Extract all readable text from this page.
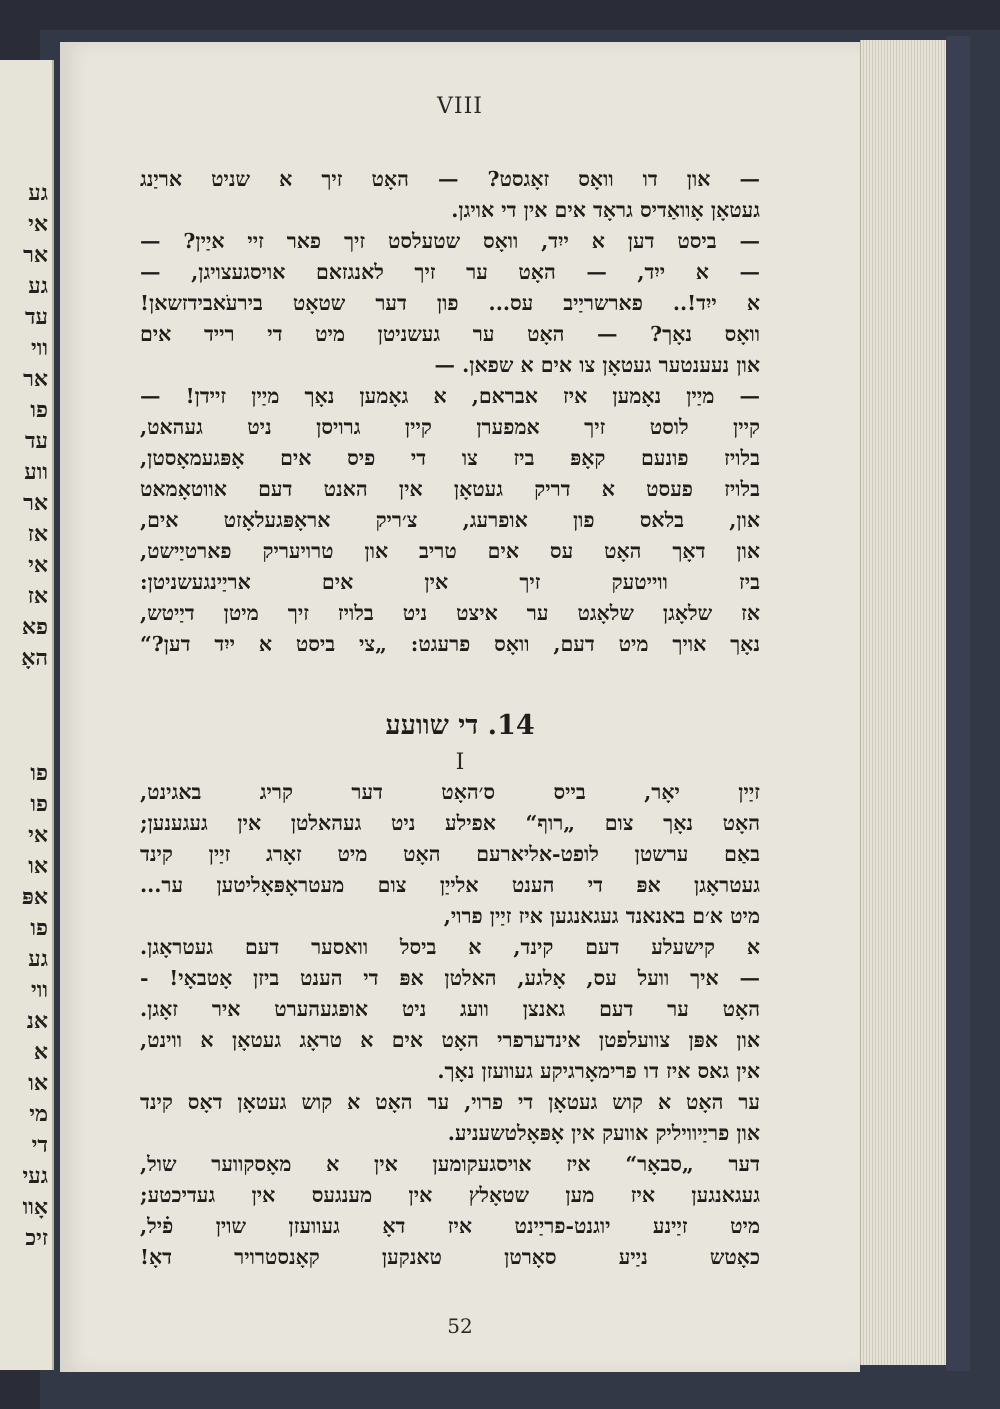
גע
אי
אר
גע
עד
ווי
אר
פו
עד
ווע
אר
אז
אי
אז
פא
האָ
פו
פו
אי
או
אפּ
פו
גע
ווי
אנ
א
או
מי
די
געי
אָוו
זיכ
VIII
— און דו וואָס זאָגסט? — האָט זיך א שניט אריַנג
געטאָן אָוואַדיס גראָד אים אין די אויגן.
— ביסט דען א ייִד, וואָס שטעלסט זיך פאר זיי איַין? —
— א ייִד, — האָט ער זיך לאנגזאם אויסגעצויגן, —
א ייִד!.. פארשריַיב עס... פון דער שטאָט בירעֹאבידזשאן!
וואָס נאָך? — האָט ער געשניטן מיט די רייד אים
און נעענטער געטאָן צו אים א שפאן. —
— מיַין נאָמען איז אבראם, א גאָמען נאָך מיַין זיידן! —
קיין לוסט זיך אמפערן קיין גרויסן ניט געהאט,
בלויז פונעם קאָפּ ביז צו די פיס אים אָפּגעמאָסטן,
בלויז פעסט א דריק געטאָן אין האנט דעם אווטאָמאט
און, בלאס פון אופרעג, צ׳ריק אראָפּגעלאָזט אים,
און דאָך האָט עס אים טריב און טרויעריק פארטיַישט,
ביז ווייטעק זיך אין אים אריַינגעשניטן:
אז שלאָגן שלאָגט ער איצט ניט בלויז זיך מיטן דיַיטש,
נאָך אויך מיט דעם, וואָס פרעגט: „צי ביסט א ייִד דען?“
14. די שוועע
I
זיַין יאָר, בייס ס׳האָט דער קריג באגינט,
האָט נאָך צום „רוף“ אפילע ניט געהאלטן אין געגענען;
באַם ערשטן לופט-אליארעם האָט מיט זאָרג זיַין קינד
געטראָגן אפּ די הענט אלייַן צום מעטראָפּאָליטען ער...
מיט א׳ם באנאנד געגאנגען איז זיַין פרוי,
א קישעלע דעם קינד, א ביסל וואסער דעם געטראָגן.
— איך וועל עס, אָלגע, האלטן אפּ די הענט ביזן אָטבאָי! -
האָט ער דעם גאנצן וועג ניט אופגעהערט איר זאָגן.
און אפּן צוועלפטן אינדערפרי האָט אים א טראָג געטאָן א ווינט,
אין גאס איז דו פרימאָרגיקע געוועזן נאָך.
ער האָט א קוש געטאָן די פרוי, ער האָט א קוש געטאָן דאָס קינד
און פריַיוויליק אוועק אין אָפּאָלטשעניע.
דער „סבאָר“ איז אויסגעקומען אין א מאָסקווער שול,
געגאנגען איז מען שטאָלץ אין מענגעס אין געדיכטע;
מיט זיַינע יוגנט-פריַינט איז דאָ געוועזן שוין פ֗יל,
כאָטש ניַיע סאָרטן טאנקען קאָנסטרויר דאָ!
52
